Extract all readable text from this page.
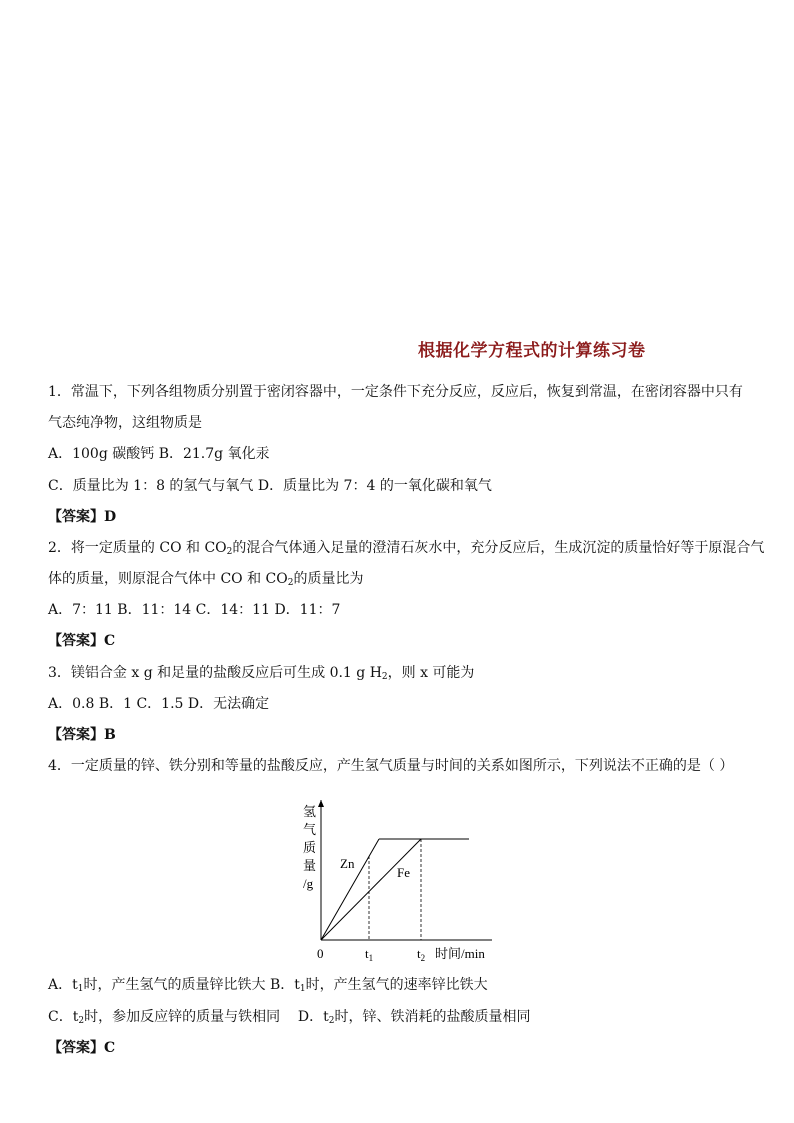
根据化学方程式的计算练习卷
1．常温下，下列各组物质分别置于密闭容器中，一定条件下充分反应，反应后，恢复到常温，在密闭容器中只有
气态纯净物，这组物质是
A．100g 碳酸钙 B．21.7g 氧化汞
C．质量比为 1：8 的氢气与氧气 D．质量比为 7：4 的一氧化碳和氧气
【答案】D
2．将一定质量的 CO 和 $CO_2$的混合气体通入足量的澄清石灰水中，充分反应后，生成沉淀的质量恰好等于原混合气
体的质量，则原混合气体中 CO 和 $CO_2$的质量比为
A．7：11 B．11：14 C．14：11 D．11：7
【答案】C
3．镁铝合金 x g 和足量的盐酸反应后可生成 0.1 g $H_2$，则 x 可能为
A．0.8 B．1 C．1.5 D．无法确定
【答案】B
4．一定质量的锌、铁分别和等量的盐酸反应，产生氢气质量与时间的关系如图所示，下列说法不正确的是（ ）
氢
气
质
量
/g
Zn
Fe
0	$t_1$	$t_2$ 时间/min
A．$t_1$时，产生氢气的质量锌比铁大 B．$t_1$时，产生氢气的速率锌比铁大
C．$t_2$时，参加反应锌的质量与铁相同 D．$t_2$时，锌、铁消耗的盐酸质量相同
【答案】C
